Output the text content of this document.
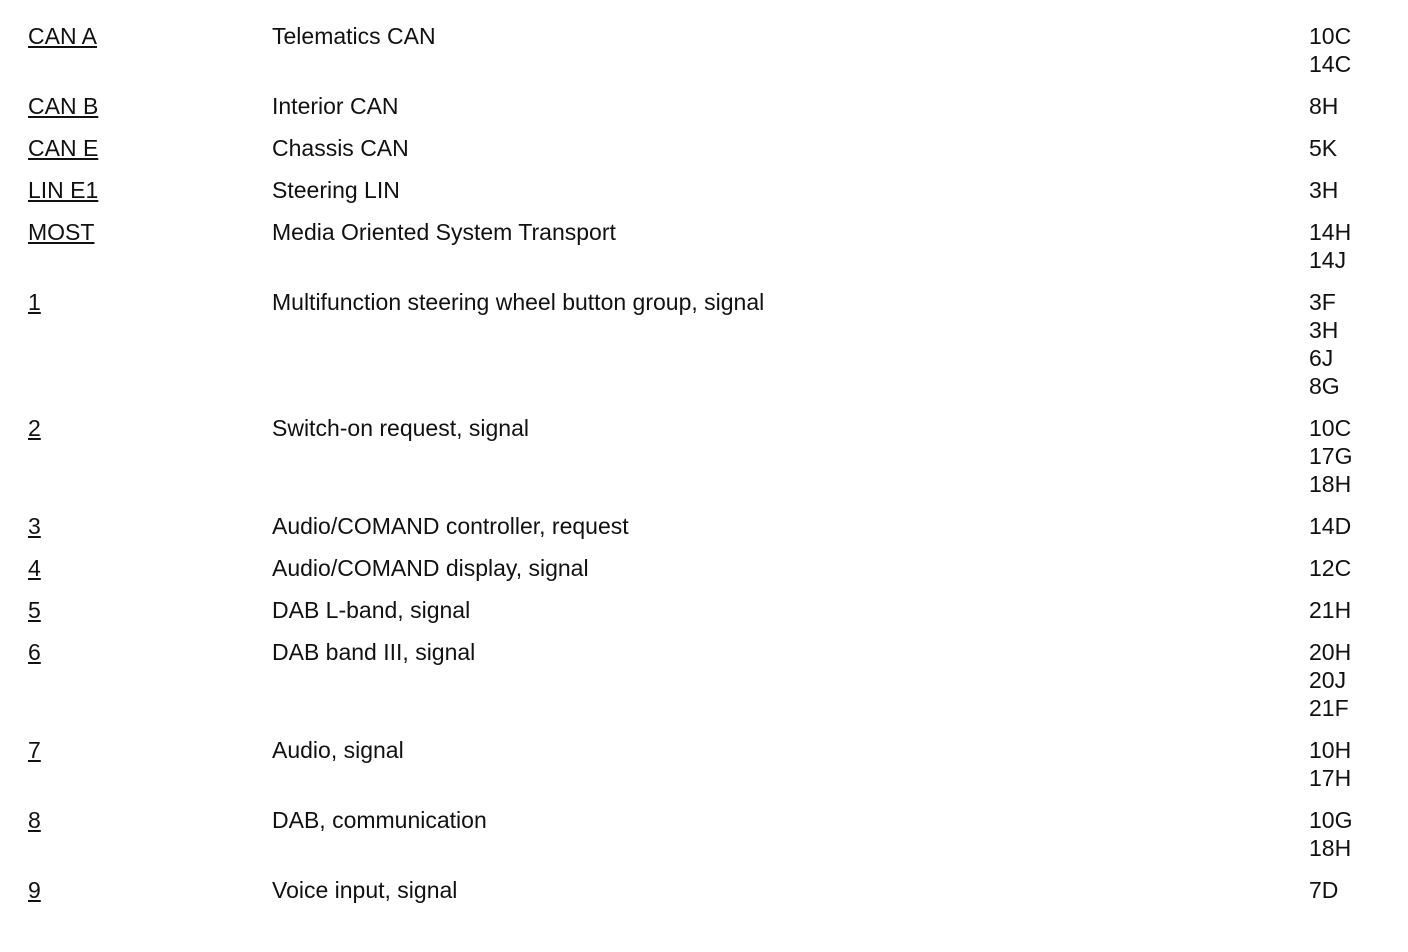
CAN A	Telematics CAN	10C
14C
CAN B	Interior CAN	8H
CAN E	Chassis CAN	5K
LIN E1	Steering LIN	3H
MOST	Media Oriented System Transport	14H
14J
1	Multifunction steering wheel button group, signal	3F
3H
6J
8G
2	Switch-on request, signal	10C
17G
18H
3	Audio/COMAND controller, request	14D
4	Audio/COMAND display, signal	12C
5	DAB L-band, signal	21H
6	DAB band III, signal	20H
20J
21F
7	Audio, signal	10H
17H
8	DAB, communication	10G
18H
9	Voice input, signal	7D
